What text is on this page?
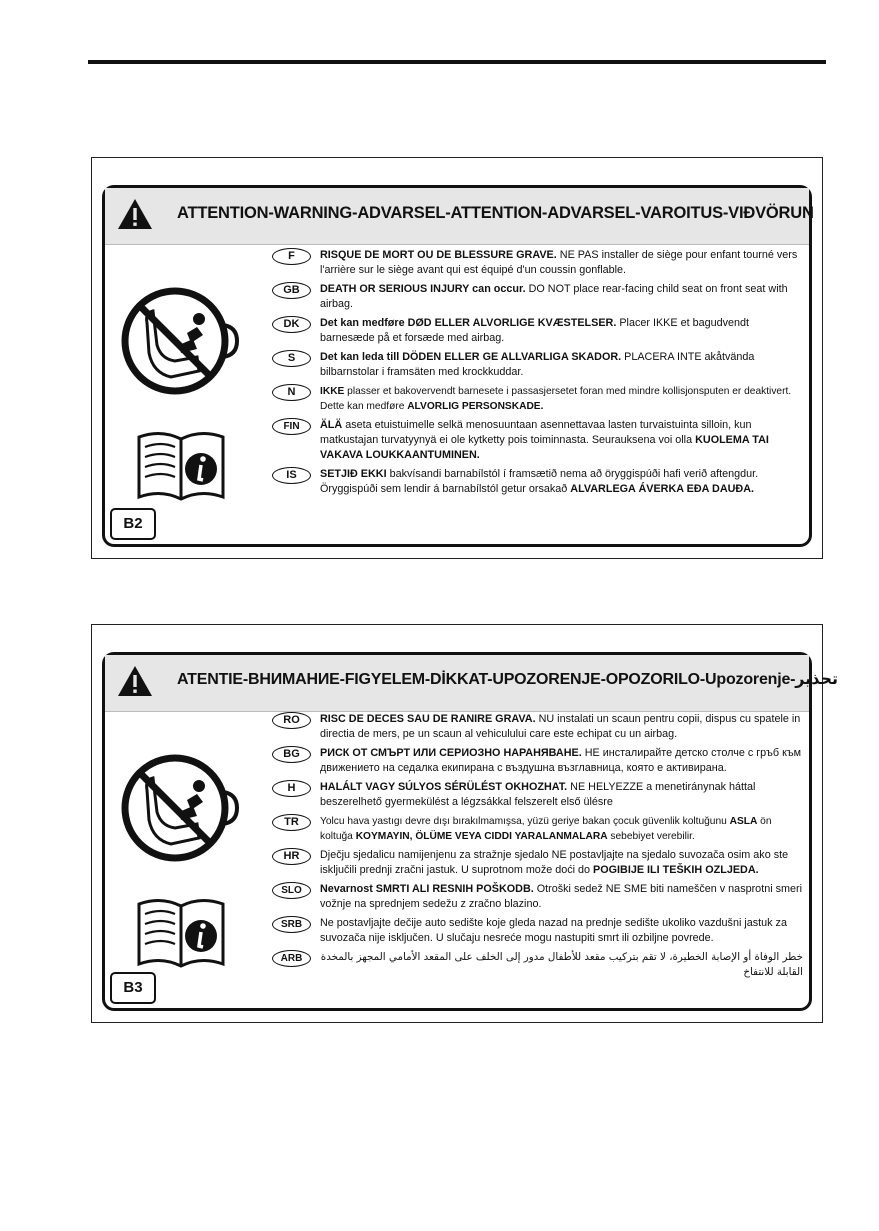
ATTENTION-WARNING-ADVARSEL-ATTENTION-ADVARSEL-VAROITUS-VIÐVÖRUN
B2
F	RISQUE DE MORT OU DE BLESSURE GRAVE. NE PAS installer de siège pour enfant tourné vers l'arrière sur le siège avant qui est équipé d'un coussin gonflable.
GB	DEATH OR SERIOUS INJURY can occur. DO NOT place rear-facing child seat on front seat with airbag.
DK	Det kan medføre DØD ELLER ALVORLIGE KVÆSTELSER. Placer IKKE et bagudvendt barnesæde på et forsæde med airbag.
S	Det kan leda till DÖDEN ELLER GE ALLVARLIGA SKADOR. PLACERA INTE akåtvända bilbarnstolar i framsäten med krockkuddar.
N	IKKE plasser et bakovervendt barnesete i passasjersetet foran med mindre kollisjonsputen er deaktivert. Dette kan medføre ALVORLIG PERSONSKADE.
FIN	ÄLÄ aseta etuistuimelle selkä menosuuntaan asennettavaa lasten turvaistuinta silloin, kun matkustajan turvatyynyä ei ole kytketty pois toiminnasta. Seurauksena voi olla KUOLEMA TAI VAKAVA LOUKKAANTUMINEN.
IS	SETJIÐ EKKI bakvísandi barnabílstól í framsætið nema að öryggispúði hafi verið aftengdur. Öryggispúði sem lendir á barnabílstól getur orsakað ALVARLEGA ÁVERKA EÐA DAUÐA.
ATENTIE-ВНИМАНИЕ-FIGYELEM-DİKKAT-UPOZORENJE-OPOZORILO-Upozorenje-تحذير
B3
RO	RISC DE DECES SAU DE RANIRE GRAVA. NU instalati un scaun pentru copii, dispus cu spatele in directia de mers, pe un scaun al vehiculului care este echipat cu un airbag.
BG	РИСК ОТ СМЪРТ ИЛИ СЕРИОЗНО НАРАНЯВАНЕ. НЕ инсталирайте детско столче с гръб към движението на седалка екипирана с въздушна възглавница, която е активирана.
H	HALÁLT VAGY SÚLYOS SÉRÜLÉST OKHOZHAT. NE HELYEZZE a menetiránynak háttal beszerelhető gyermekülést a légzsákkal felszerelt első ülésre
TR	Yolcu hava yastıgı devre dışı bırakılmamışsa, yüzü geriye bakan çocuk güvenlik koltuğunu ASLA ön koltuğa KOYMAYIN, ÖLÜME VEYA CIDDI YARALANMALARA sebebiyet verebilir.
HR	Dječju sjedalicu namijenjenu za stražnje sjedalo NE postavljajte na sjedalo suvozača osim ako ste isključili prednji zračni jastuk. U suprotnom može doći do POGIBIJE ILI TEŠKIH OZLJEDA.
SLO	Nevarnost SMRTI ALI RESNIH POŠKODB. Otroški sedež NE SME biti nameščen v nasprotni smeri vožnje na sprednjem sedežu z zračno blazino.
SRB	Ne postavljajte dečije auto sedište koje gleda nazad na prednje sedište ukoliko vazdušni jastuk za suvozača nije isključen. U slučaju nesreće mogu nastupiti smrt ili ozbiljne povrede.
ARB	خطر الوفاة أو الإصابة الخطيرة، لا تقم بتركيب مقعد للأطفال مدور إلى الخلف على المقعد الأمامي المجهز بالمخدة القابلة للانتفاخ
